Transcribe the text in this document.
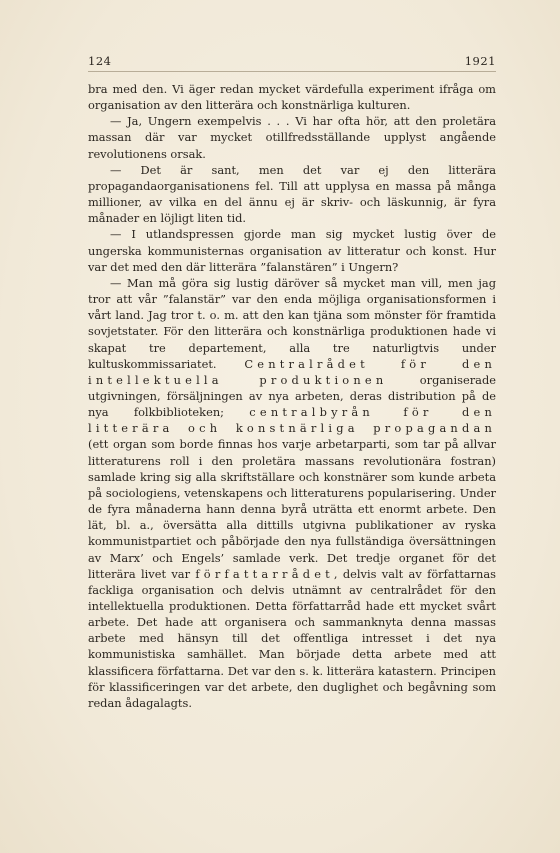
124	1921

bra med den. Vi äger redan mycket värdefulla experiment ifråga om organisation av den litterära och konstnärliga kulturen.

— Ja, Ungern exempelvis . . . Vi har ofta hör, att den proletära massan där var mycket otillfredsställande upplyst angående revolutionens orsak.

— Det är sant, men det var ej den litterära propagandaorganisationens fel. Till att upplysa en massa på många millioner, av vilka en del ännu ej är skriv- och läskunnig, är fyra månader en löjligt liten tid.

— I utlandspressen gjorde man sig mycket lustig över de ungerska kommunisternas organisation av litteratur och konst. Hur var det med den där litterära ”falanstären” i Ungern?

— Man må göra sig lustig däröver så mycket man vill, men jag tror att vår ”falanstär” var den enda möjliga organisationsformen i vårt land. Jag tror t. o. m. att den kan tjäna som mönster för framtida sovjetstater. För den litterära och konstnärliga produktionen hade vi skapat tre departement, alla tre naturligtvis under kultuskommissariatet. Centralrådet för den intellektuella produktionen organiserade utgivningen, försäljningen av nya arbeten, deras distribution på de nya folkbiblioteken; centralbyrån för den litterära och konstnärliga propagandan (ett organ som borde finnas hos varje arbetarparti, som tar på allvar litteraturens roll i den proletära massans revolutionära fostran) samlade kring sig alla skriftställare och konstnärer som kunde arbeta på sociologiens, vetenskapens och litteraturens popularisering. Under de fyra månaderna hann denna byrå uträtta ett enormt arbete. Den lät, bl. a., översätta alla dittills utgivna publikationer av ryska kommunistpartiet och påbörjade den nya fullständiga översättningen av Marx’ och Engels’ samlade verk. Det tredje organet för det litterära livet var författarrådet, delvis valt av författarnas fackliga organisation och delvis utnämnt av centralrådet för den intellektuella produktionen. Detta författarråd hade ett mycket svårt arbete. Det hade att organisera och sammanknyta denna massas arbete med hänsyn till det offentliga intresset i det nya kommunistiska samhället. Man började detta arbete med att klassificera författarna. Det var den s. k. litterära katastern. Principen för klassificeringen var det arbete, den duglighet och begåvning som redan ådagalagts.
